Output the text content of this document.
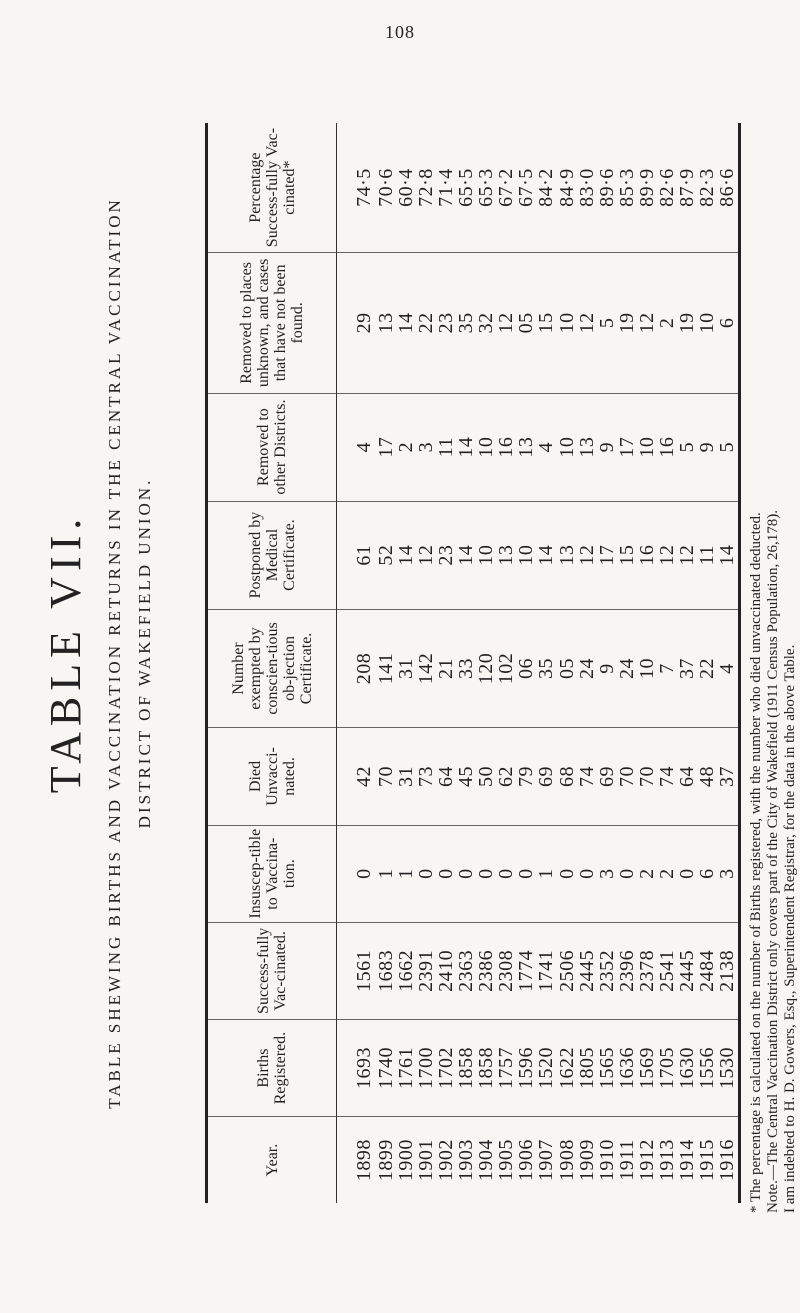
108
TABLE VII. TABLE SHEWING BIRTHS AND VACCINATION RETURNS IN THE CENTRAL VACCINATION DISTRICT OF WAKEFIELD UNION.
Year.	Births Registered.	Success-fully Vac-cinated.	Insuscep-tible to Vaccina-tion.	Died Unvacci-nated.	Number exempted by conscien-tious ob-jection Certificate.	Postponed by Medical Certificate.	Removed to other Districts.	Removed to places unknown, and cases that have not been found.	Percentage Success-fully Vac-cinated*
1898	1693	1561	0	42	208	61	4	29	74·5
1899	1740	1683	1	70	141	52	17	13	70·6
1900	1761	1662	1	31	31	14	2	14	60·4
1901	1700	2391	0	73	142	12	3	22	72·8
1902	1702	2410	0	64	21	23	11	23	71·4
1903	1858	2363	0	45	33	14	14	35	65·5
1904	1858	2386	0	50	120	10	10	32	65·3
1905	1757	2308	0	62	102	13	16	12	67·2
1906	1596	1774	0	79	06	10	13	05	67·5
1907	1520	1741	1	69	35	14	4	15	84·2
1908	1622	2506	0	68	05	13	10	10	84·9
1909	1805	2445	0	74	24	12	13	12	83·0
1910	1565	2352	3	69	9	17	9	5	89·6
1911	1636	2396	0	70	24	15	17	19	85·3
1912	1569	2378	2	70	10	16	10	12	89·9
1913	1705	2541	2	74	7	12	16	2	82·6
1914	1630	2445	0	64	37	12	5	19	87·9
1915	1556	2484	6	48	22	11	9	10	82·3
1916	1530	2138	3	37	4	14	5	6	86·6
* The percentage is calculated on the number of Births registered, with the number who died unvaccinated deducted. Note.—The Central Vaccination District only covers part of the City of Wakefield (1911 Census Population, 26,178). I am indebted to H. D. Gowers, Esq., Superintendent Registrar, for the data in the above Table.
